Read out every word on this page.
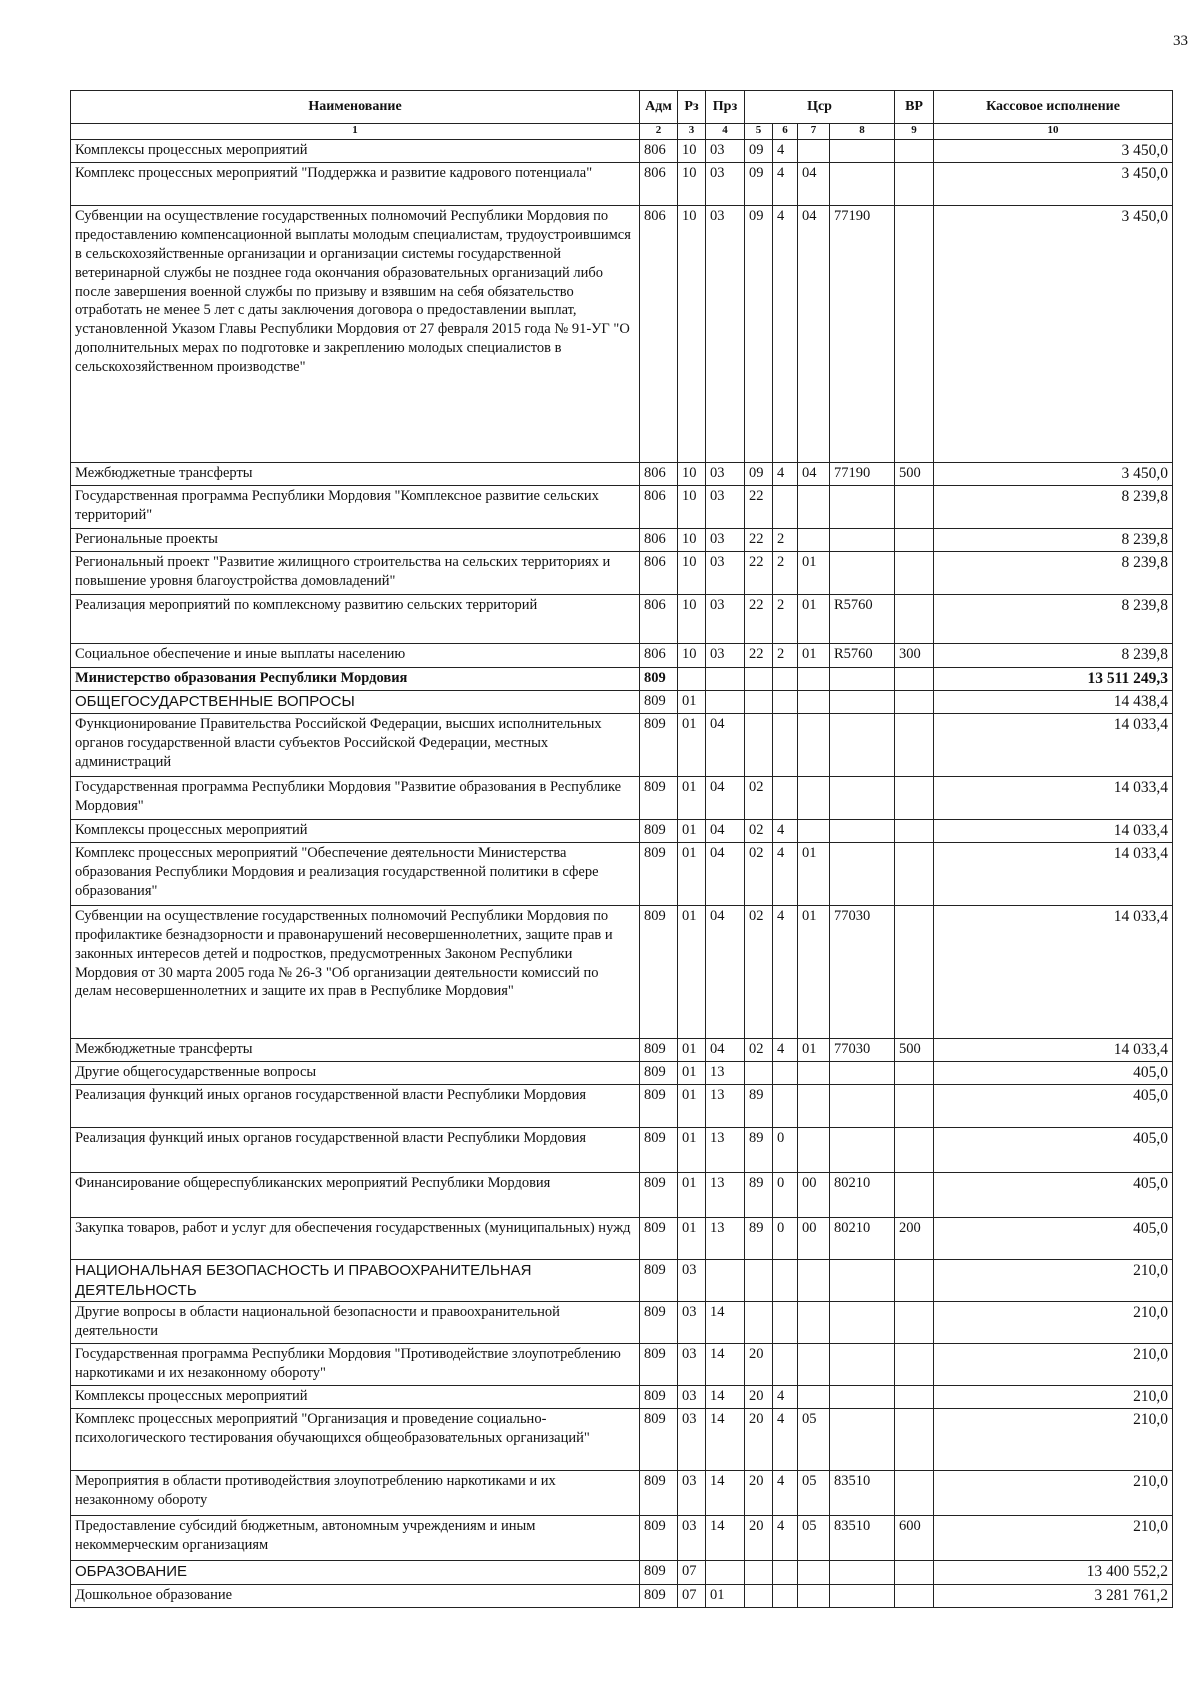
33
Наименование	Адм	Рз	Прз	Цср				ВР	Кассовое исполнение
1	2	3	4	5	6	7	8	9	10
Комплексы процессных мероприятий	806	10	03	09	4				3 450,0
Комплекс процессных мероприятий "Поддержка и развитие кадрового потенциала"	806	10	03	09	4	04			3 450,0
Субвенции на осуществление государственных полномочий Республики Мордовия по предоставлению компенсационной выплаты молодым специалистам, трудоустроившимся в сельскохозяйственные организации и организации системы государственной ветеринарной службы не позднее года окончания образовательных организаций либо после завершения военной службы по призыву и взявшим на себя обязательство отработать не менее 5 лет с даты заключения договора о предоставлении выплат, установленной Указом Главы Республики Мордовия от 27 февраля 2015 года № 91-УГ "О дополнительных мерах по подготовке и закреплению молодых специалистов в сельскохозяйственном производстве"	806	10	03	09	4	04	77190		3 450,0
Межбюджетные трансферты	806	10	03	09	4	04	77190	500	3 450,0
Государственная программа Республики Мордовия "Комплексное развитие сельских территорий"	806	10	03	22					8 239,8
Региональные проекты	806	10	03	22	2				8 239,8
Региональный проект "Развитие жилищного строительства на сельских территориях и повышение уровня благоустройства домовладений"	806	10	03	22	2	01			8 239,8
Реализация мероприятий по комплексному развитию сельских территорий	806	10	03	22	2	01	R5760		8 239,8
Социальное обеспечение и иные выплаты населению	806	10	03	22	2	01	R5760	300	8 239,8
Министерство образования Республики Мордовия	809								13 511 249,3
ОБЩЕГОСУДАРСТВЕННЫЕ ВОПРОСЫ	809	01							14 438,4
Функционирование Правительства Российской Федерации, высших исполнительных органов государственной власти субъектов Российской Федерации, местных администраций	809	01	04						14 033,4
Государственная программа Республики Мордовия "Развитие образования в Республике Мордовия"	809	01	04	02					14 033,4
Комплексы процессных мероприятий	809	01	04	02	4				14 033,4
Комплекс процессных мероприятий "Обеспечение деятельности Министерства образования Республики Мордовия и реализация государственной политики в сфере образования"	809	01	04	02	4	01			14 033,4
Субвенции на осуществление государственных полномочий Республики Мордовия по профилактике безнадзорности и правонарушений несовершеннолетних, защите прав и законных интересов детей и подростков, предусмотренных Законом Республики Мордовия от 30 марта 2005 года № 26-З "Об организации деятельности комиссий по делам несовершеннолетних и защите их прав в Республике Мордовия"	809	01	04	02	4	01	77030		14 033,4
Межбюджетные трансферты	809	01	04	02	4	01	77030	500	14 033,4
Другие общегосударственные вопросы	809	01	13						405,0
Реализация функций иных органов государственной власти Республики Мордовия	809	01	13	89					405,0
Реализация функций иных органов государственной власти Республики Мордовия	809	01	13	89	0				405,0
Финансирование общереспубликанских мероприятий Республики Мордовия	809	01	13	89	0	00	80210		405,0
Закупка товаров, работ и услуг для обеспечения государственных (муниципальных) нужд	809	01	13	89	0	00	80210	200	405,0
НАЦИОНАЛЬНАЯ БЕЗОПАСНОСТЬ И ПРАВООХРАНИТЕЛЬНАЯ ДЕЯТЕЛЬНОСТЬ	809	03							210,0
Другие вопросы в области национальной безопасности и правоохранительной деятельности	809	03	14						210,0
Государственная программа Республики Мордовия "Противодействие злоупотреблению наркотиками и их незаконному обороту"	809	03	14	20					210,0
Комплексы процессных мероприятий	809	03	14	20	4				210,0
Комплекс процессных мероприятий "Организация и проведение социально-психологического тестирования обучающихся общеобразовательных организаций"	809	03	14	20	4	05			210,0
Мероприятия в области противодействия злоупотреблению наркотиками и их незаконному обороту	809	03	14	20	4	05	83510		210,0
Предоставление субсидий бюджетным, автономным учреждениям и иным некоммерческим организациям	809	03	14	20	4	05	83510	600	210,0
ОБРАЗОВАНИЕ	809	07							13 400 552,2
Дошкольное образование	809	07	01						3 281 761,2
